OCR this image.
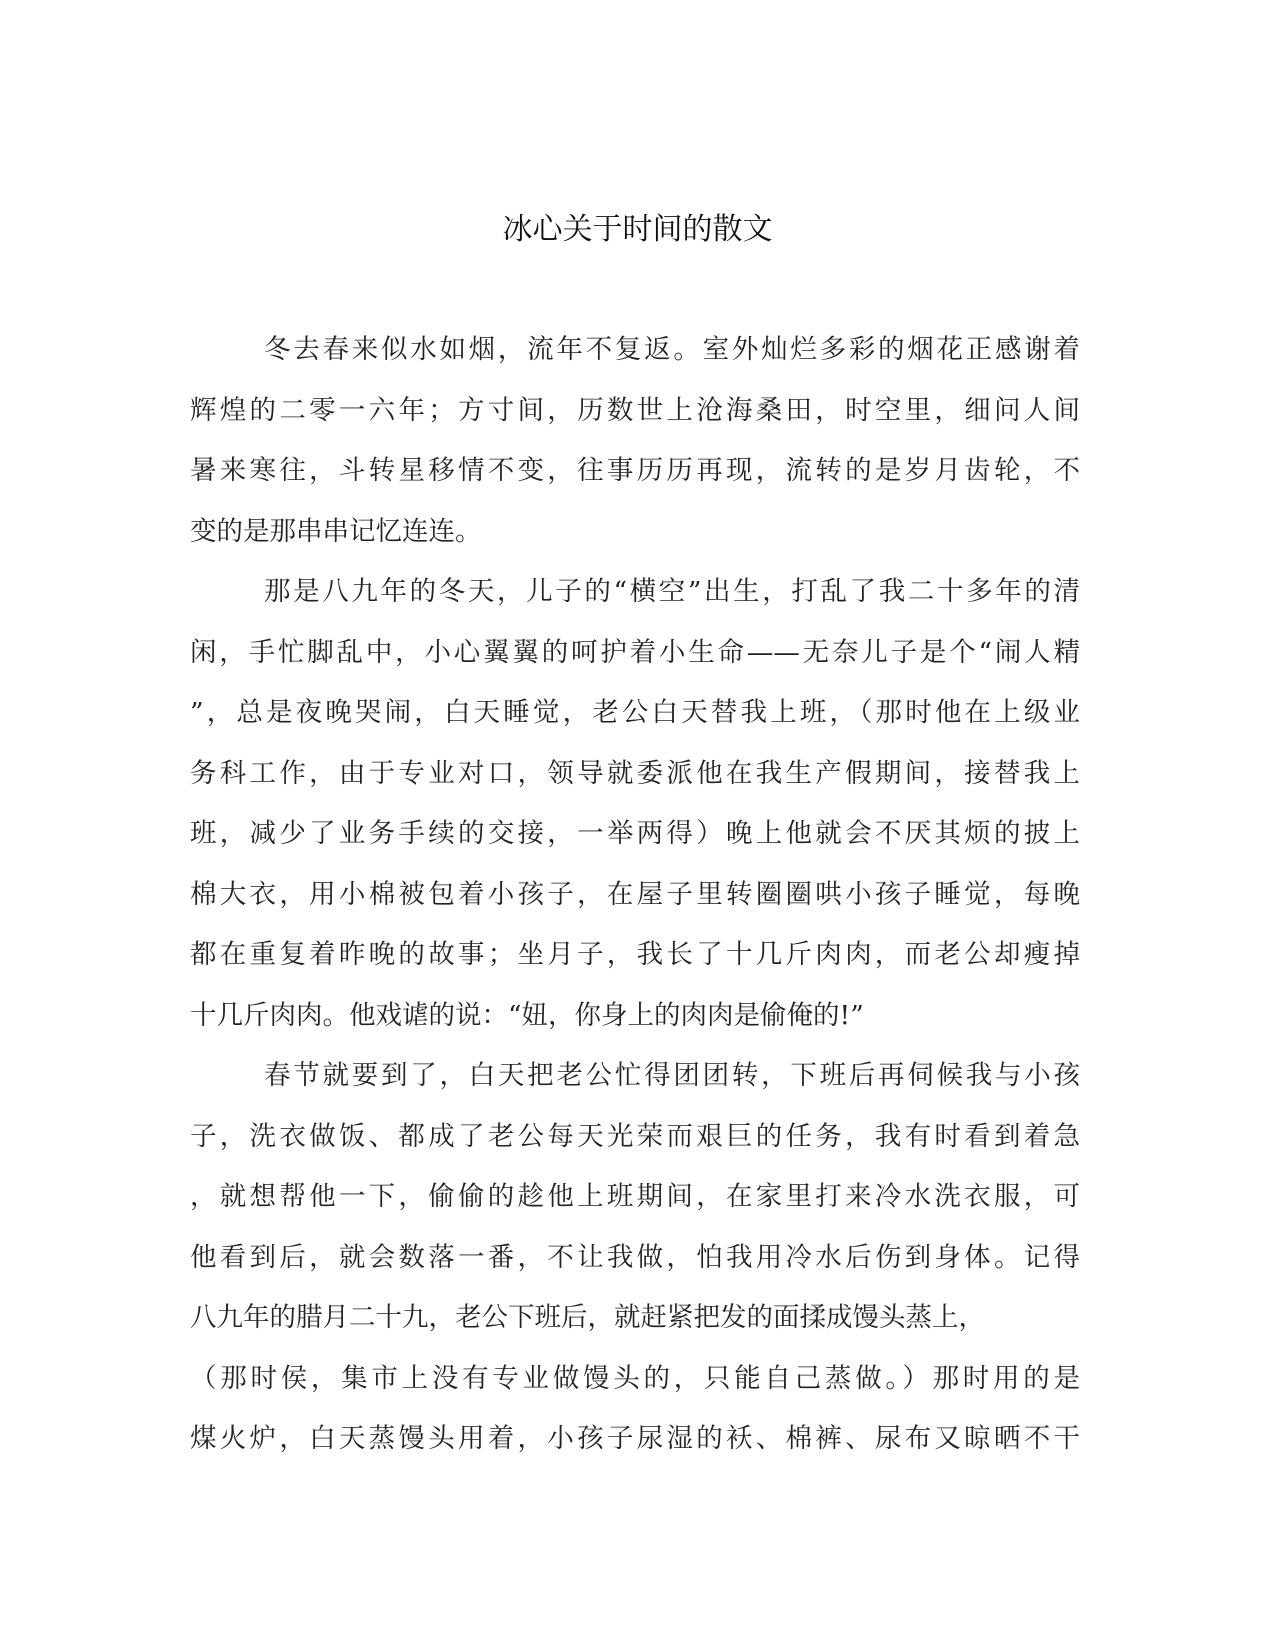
冰心关于时间的散文
冬去春来似水如烟，流年不复返。室外灿烂多彩的烟花正感谢着
辉煌的二零一六年；方寸间，历数世上沧海桑田，时空里，细问人间
暑来寒往，斗转星移情不变，往事历历再现，流转的是岁月齿轮，不
变的是那串串记忆连连。
那是八九年的冬天，儿子的“横空”出生，打乱了我二十多年的清
闲，手忙脚乱中，小心翼翼的呵护着小生命——无奈儿子是个“闹人精
”，总是夜晚哭闹，白天睡觉，老公白天替我上班，（那时他在上级业
务科工作，由于专业对口，领导就委派他在我生产假期间，接替我上
班，减少了业务手续的交接，一举两得）晚上他就会不厌其烦的披上
棉大衣，用小棉被包着小孩子，在屋子里转圈圈哄小孩子睡觉，每晚
都在重复着昨晚的故事；坐月子，我长了十几斤肉肉，而老公却瘦掉
十几斤肉肉。他戏谑的说：“妞，你身上的肉肉是偷俺的!”
春节就要到了，白天把老公忙得团团转，下班后再伺候我与小孩
子，洗衣做饭、都成了老公每天光荣而艰巨的任务，我有时看到着急
，就想帮他一下，偷偷的趁他上班期间，在家里打来冷水洗衣服，可
他看到后，就会数落一番，不让我做，怕我用冷水后伤到身体。记得
八九年的腊月二十九，老公下班后，就赶紧把发的面揉成馒头蒸上，
（那时侯，集市上没有专业做馒头的，只能自己蒸做。）那时用的是
煤火炉，白天蒸馒头用着，小孩子尿湿的袄、棉裤、尿布又晾晒不干
